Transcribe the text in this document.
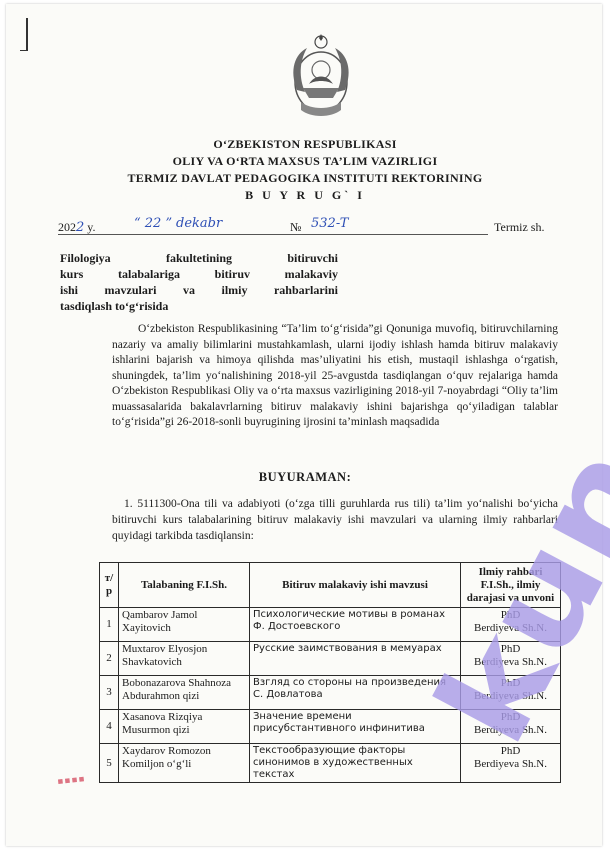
O‘ZBEKISTON RESPUBLIKASI
OLIY VA O‘RTA MAXSUS TA’LIM VAZIRLIGI
TERMIZ DAVLAT PEDAGOGIKA INSTITUTI REKTORINING
B U Y R U G` I
2022 y.	“ 22 ” dekabr	№ 532-T	Termiz sh.

Filologiya fakultetining bitiruvchi

kurs talabalariga bitiruv malakaviy

ishi mavzulari va ilmiy rahbarlarini

tasdiqlash to‘g‘risida

O‘zbekiston Respublikasining “Ta’lim to‘g‘risida”gi Qonuniga muvofiq, bitiruvchilarning nazariy va amaliy bilimlarini mustahkamlash, ularni ijodiy ishlash hamda bitiruv malakaviy ishlarini bajarish va himoya qilishda mas’uliyatini his etish, mustaqil ishlashga o‘rgatish, shuningdek, ta’lim yo‘nalishining 2018-yil 25-avgustda tasdiqlangan o‘quv rejalariga hamda O‘zbekiston Respublikasi Oliy va o‘rta maxsus vazirligining 2018-yil 7-noyabrdagi “Oliy ta’lim muassasalarida bakalavrlarning bitiruv malakaviy ishini bajarishga qo‘yiladigan talablar to‘g‘risida”gi 26-2018-sonli buyrugining ijrosini ta’minlash maqsadida

BUYURAMAN:

1. 5111300-Ona tili va adabiyoti (o‘zga tilli guruhlarda rus tili) ta’lim yo‘nalishi bo‘yicha bitiruvchi kurs talabalarining bitiruv malakaviy ishi mavzulari va ularning ilmiy rahbarlari quyidagi tarkibda tasdiqlansin:

т/р	Talabaning F.I.Sh.	Bitiruv malakaviy ishi mavzusi	Ilmiy rahbari F.I.Sh., ilmiy darajasi va unvoni
1	Qambarov Jamol Xayitovich	Психологические мотивы в романах Ф. Достоевского	PhD
Berdiyeva Sh.N.

2	Muxtarov Elyosjon Shavkatovich	Русские заимствования в мемуарах	PhD
Berdiyeva Sh.N.

3	Bobonazarova Shahnoza Abdurahmon qizi	Взгляд со стороны на произведения С. Довлатова	PhD
Berdiyeva Sh.N.

4	Xasanova Rizqiya Musurmon qizi	Значение времени присубстантивного инфинитива	PhD
Berdiyeva Sh.N.

5	Xaydarov Romozon Komiljon o‘g‘li	Текстообразующие факторы синонимов в художественных текстах	PhD
Berdiyeva Sh.N.
▪▪▪▪
